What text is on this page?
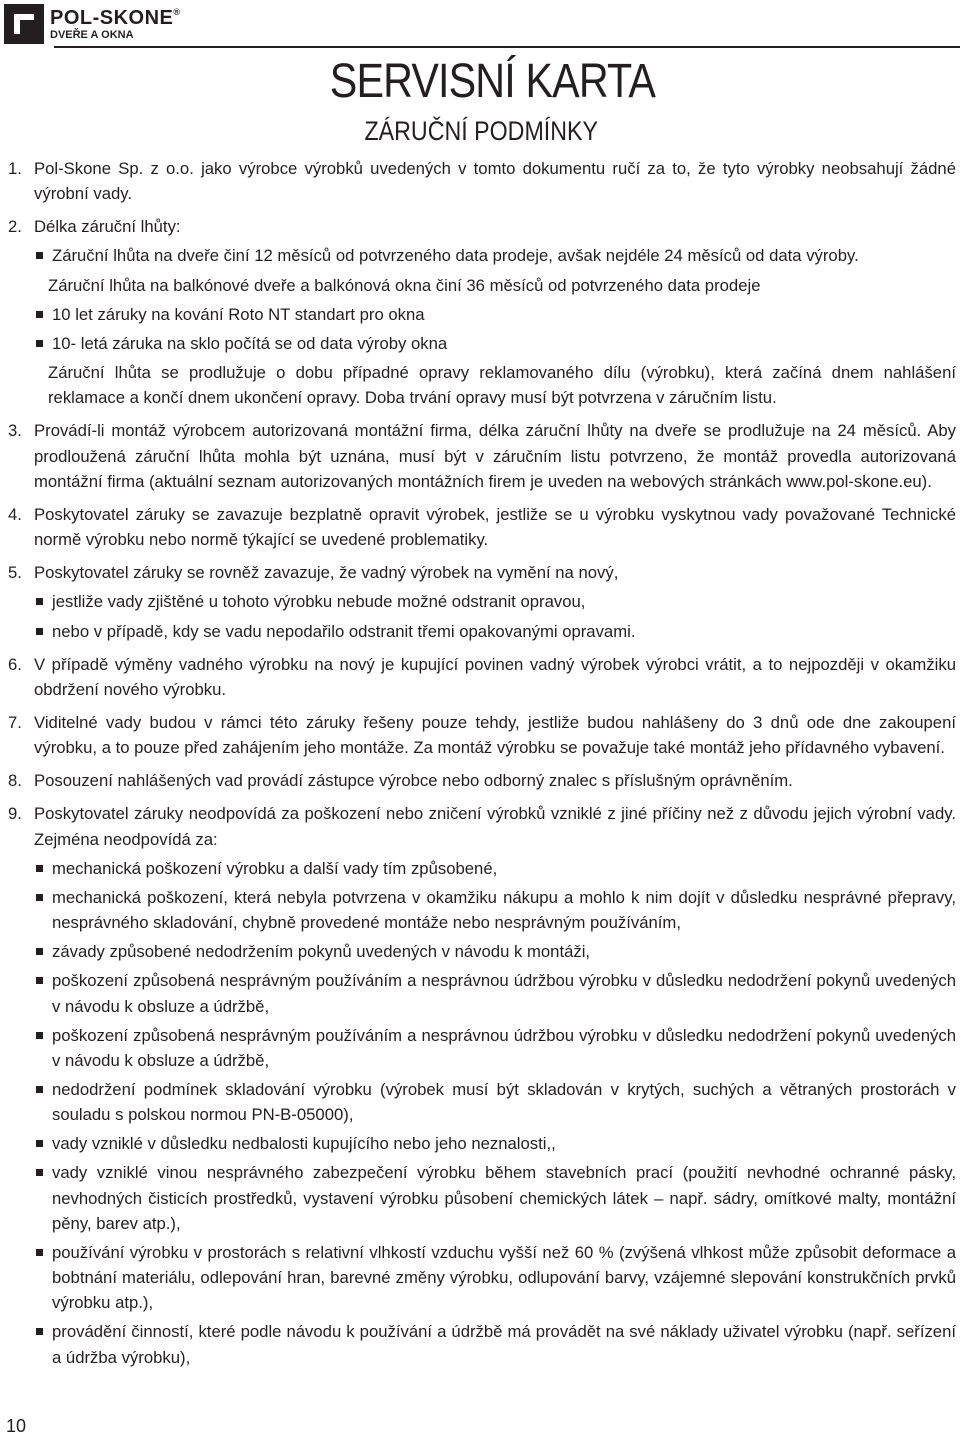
POL-SKONE®
DVEŘE A OKNA
SERVISNÍ KARTA
ZÁRUČNÍ PODMÍNKY
1. Pol-Skone Sp. z o.o. jako výrobce výrobků uvedených v tomto dokumentu ručí za to, že tyto výrobky neobsahují žádné výrobní vady.
2. Délka záruční lhůty:
Záruční lhůta na dveře činí 12 měsíců od potvrzeného data prodeje, avšak nejdéle 24 měsíců od data výroby.
Záruční lhůta na balkónové dveře a balkónová okna činí 36 měsíců od potvrzeného data prodeje
10 let záruky na kování Roto NT standart pro okna
10- letá záruka na sklo počítá se od data výroby okna
Záruční lhůta se prodlužuje o dobu případné opravy reklamovaného dílu (výrobku), která začíná dnem nahlášení reklamace a končí dnem ukončení opravy. Doba trvání opravy musí být potvrzena v záručním listu.
3. Provádí-li montáž výrobcem autorizovaná montážní firma, délka záruční lhůty na dveře se prodlužuje na 24 měsíců. Aby prodloužená záruční lhůta mohla být uznána, musí být v záručním listu potvrzeno, že montáž provedla autorizovaná montážní firma (aktuální seznam autorizovaných montážních firem je uveden na webových stránkách www.pol-skone.eu).
4. Poskytovatel záruky se zavazuje bezplatně opravit výrobek, jestliže se u výrobku vyskytnou vady považované Technické normě výrobku nebo normě týkající se uvedené problematiky.
5. Poskytovatel záruky se rovněž zavazuje, že vadný výrobek na vymění na nový,
jestliže vady zjištěné u tohoto výrobku nebude možné odstranit opravou,
nebo v případě, kdy se vadu nepodařilo odstranit třemi opakovanými opravami.
6. V případě výměny vadného výrobku na nový je kupující povinen vadný výrobek výrobci vrátit, a to nejpozději v okamžiku obdržení nového výrobku.
7. Viditelné vady budou v rámci této záruky řešeny pouze tehdy, jestliže budou nahlášeny do 3 dnů ode dne zakoupení výrobku, a to pouze před zahájením jeho montáže. Za montáž výrobku se považuje také montáž jeho přídavného vybavení.
8. Posouzení nahlášených vad provádí zástupce výrobce nebo odborný znalec s příslušným oprávněním.
9. Poskytovatel záruky neodpovídá za poškození nebo zničení výrobků vzniklé z jiné příčiny než z důvodu jejich výrobní vady. Zejména neodpovídá za:
mechanická poškození výrobku a další vady tím způsobené,
mechanická poškození, která nebyla potvrzena v okamžiku nákupu a mohlo k nim dojít v důsledku nesprávné přepravy, nesprávného skladování, chybně provedené montáže nebo nesprávným používáním,
závady způsobené nedodržením pokynů uvedených v návodu k montáži,
poškození způsobená nesprávným používáním a nesprávnou údržbou výrobku v důsledku nedodržení pokynů uvedených v návodu k obsluze a údržbě,
poškození způsobená nesprávným používáním a nesprávnou údržbou výrobku v důsledku nedodržení pokynů uvedených v návodu k obsluze a údržbě,
nedodržení podmínek skladování výrobku (výrobek musí být skladován v krytých, suchých a větraných prostorách v souladu s polskou normou PN-B-05000),
vady vzniklé v důsledku nedbalosti kupujícího nebo jeho neznalosti,,
vady vzniklé vinou nesprávného zabezpečení výrobku během stavebních prací (použití nevhodné ochranné pásky, nevhodných čisticích prostředků, vystavení výrobku působení chemických látek – např. sádry, omítkové malty, montážní pěny, barev atp.),
používání výrobku v prostorách s relativní vlhkostí vzduchu vyšší než 60 % (zvýšená vlhkost může způsobit deformace a bobtnání materiálu, odlepování hran, barevné změny výrobku, odlupování barvy, vzájemné slepování konstrukčních prvků výrobku atp.),
provádění činností, které podle návodu k používání a údržbě má provádět na své náklady uživatel výrobku (např. seřízení a údržba výrobku),
10
